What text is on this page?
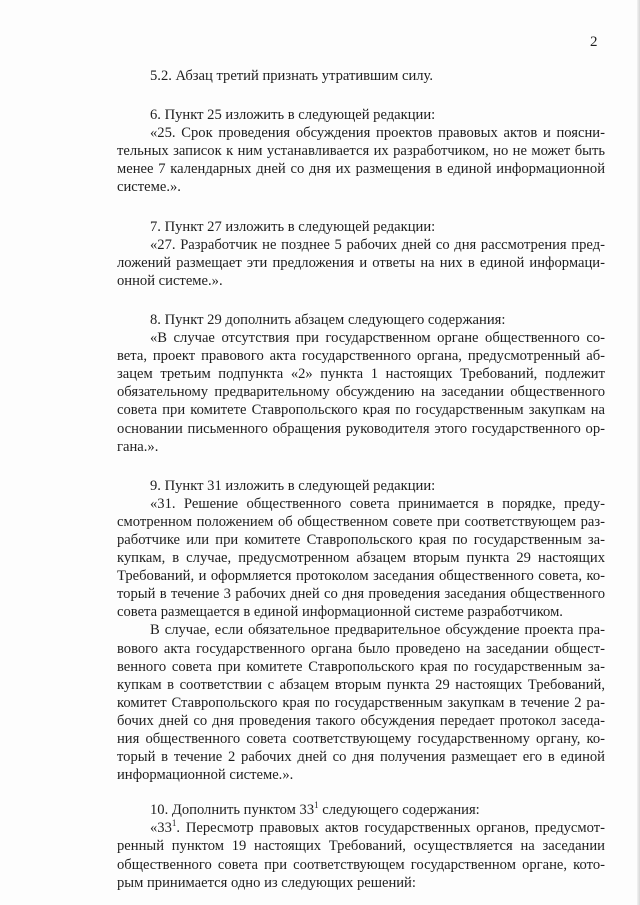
2

5.2. Абзац третий признать утратившим силу.

6. Пункт 25 изложить в следующей редакции:

«25. Срок проведения обсуждения проектов правовых актов и пояснительных записок к ним устанавливается их разработчиком, но не может быть менее 7 календарных дней со дня их размещения в единой информационной системе.».

7. Пункт 27 изложить в следующей редакции:

«27. Разработчик не позднее 5 рабочих дней со дня рассмотрения предложений размещает эти предложения и ответы на них в единой информационной системе.».

8. Пункт 29 дополнить абзацем следующего содержания:

«В случае отсутствия при государственном органе общественного совета, проект правового акта государственного органа, предусмотренный абзацем третьим подпункта «2» пункта 1 настоящих Требований, подлежит обязательному предварительному обсуждению на заседании общественного совета при комитете Ставропольского края по государственным закупкам на основании письменного обращения руководителя этого государственного органа.».

9. Пункт 31 изложить в следующей редакции:

«31. Решение общественного совета принимается в порядке, предусмотренном положением об общественном совете при соответствующем разработчике или при комитете Ставропольского края по государственным закупкам, в случае, предусмотренном абзацем вторым пункта 29 настоящих Требований, и оформляется протоколом заседания общественного совета, который в течение 3 рабочих дней со дня проведения заседания общественного совета размещается в единой информационной системе разработчиком.

В случае, если обязательное предварительное обсуждение проекта правового акта государственного органа было проведено на заседании общественного совета при комитете Ставропольского края по государственным закупкам в соответствии с абзацем вторым пункта 29 настоящих Требований, комитет Ставропольского края по государственным закупкам в течение 2 рабочих дней со дня проведения такого обсуждения передает протокол заседания общественного совета соответствующему государственному органу, который в течение 2 рабочих дней со дня получения размещает его в единой информационной системе.».

10. Дополнить пунктом $33^1$ следующего содержания:

«$33^1$. Пересмотр правовых актов государственных органов, предусмотренный пунктом 19 настоящих Требований, осуществляется на заседании общественного совета при соответствующем государственном органе, которым принимается одно из следующих решений:
